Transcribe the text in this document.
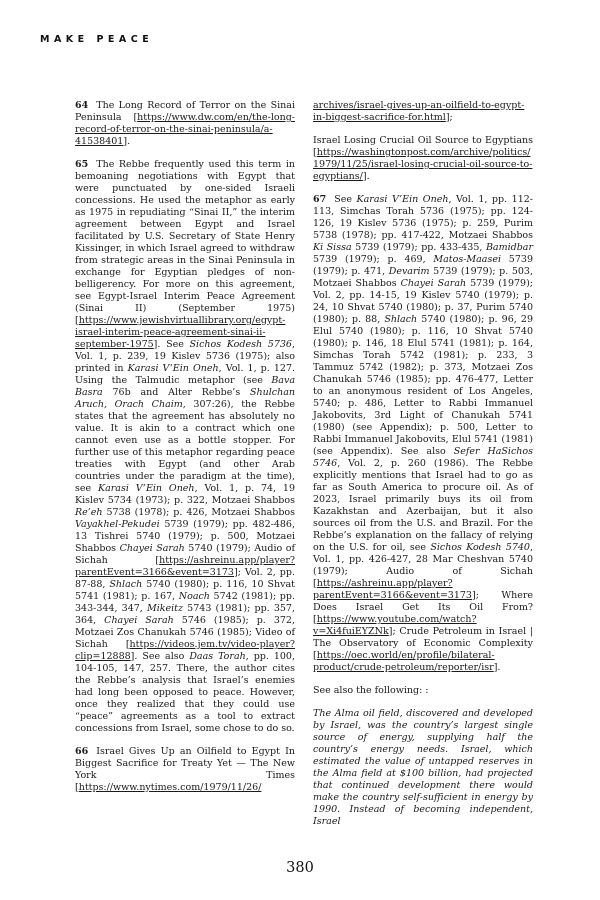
MAKE PEACE

64 The Long Record of Terror on the Sinai Peninsula [https://www.dw.com/en/the-long-record-of-terror-on-the-sinai-peninsula/a-41538401].

65 The Rebbe frequently used this term in bemoaning negotiations with Egypt that were punctuated by one-sided Israeli concessions. He used the metaphor as early as 1975 in repudiating “Sinai II,” the interim agreement between Egypt and Israel facilitated by U.S. Secretary of State Henry Kissinger, in which Israel agreed to withdraw from strategic areas in the Sinai Peninsula in exchange for Egyptian pledges of non-belligerency. For more on this agreement, see Egypt-Israel Interim Peace Agreement (Sinai II) (September 1975) [https://www.jewishvirtuallibrary.org/egypt-israel-interim-peace-agreement-sinai-ii-september-1975]. See Sichos Kodesh 5736, Vol. 1, p. 239, 19 Kislev 5736 (1975); also printed in Karasi V’Ein Oneh, Vol. 1, p. 127. Using the Talmudic metaphor (see Bava Basra 76b and Alter Rebbe’s Shulchan Aruch, Orach Chaim, 307:26), the Rebbe states that the agreement has absolutely no value. It is akin to a contract which one cannot even use as a bottle stopper. For further use of this metaphor regarding peace treaties with Egypt (and other Arab countries under the paradigm at the time), see Karasi V’Ein Oneh, Vol. 1, p. 74, 19 Kislev 5734 (1973); p. 322, Motzaei Shabbos Re’eh 5738 (1978); p. 426, Motzaei Shabbos Vayakhel-Pekudei 5739 (1979); pp. 482-486, 13 Tishrei 5740 (1979); p. 500, Motzaei Shabbos Chayei Sarah 5740 (1979); Audio of Sichah [https://ashreinu.app/player?parentEvent=3166&event=3173]; Vol. 2, pp. 87-88, Shlach 5740 (1980); p. 116, 10 Shvat 5741 (1981); p. 167, Noach 5742 (1981); pp. 343-344, 347, Mikeitz 5743 (1981); pp. 357, 364, Chayei Sarah 5746 (1985); p. 372, Motzaei Zos Chanukah 5746 (1985); Video of Sichah [https://videos.jem.tv/video-player?clip=12888]. See also Daas Torah, pp. 100, 104-105, 147, 257. There, the author cites the Rebbe’s analysis that Israel’s enemies had long been opposed to peace. However, once they realized that they could use “peace” agreements as a tool to extract concessions from Israel, some chose to do so.

66 Israel Gives Up an Oilfield to Egypt In Biggest Sacrifice for Treaty Yet — The New York Times [https://www.nytimes.com/1979/11/26/

archives/israel-gives-up-an-oilfield-to-egypt-in-biggest-sacrifice-for.html];

Israel Losing Crucial Oil Source to Egyptians [https://washingtonpost.com/archive/politics/1979/11/25/israel-losing-crucial-oil-source-to-egyptians/].

67 See Karasi V’Ein Oneh, Vol. 1, pp. 112-113, Simchas Torah 5736 (1975); pp. 124-126, 19 Kislev 5736 (1975); p. 259, Purim 5738 (1978); pp. 417-422, Motzaei Shabbos Ki Sissa 5739 (1979); pp. 433-435, Bamidbar 5739 (1979); p. 469, Matos-Maasei 5739 (1979); p. 471, Devarim 5739 (1979); p. 503, Motzaei Shabbos Chayei Sarah 5739 (1979); Vol. 2, pp. 14-15, 19 Kislev 5740 (1979); p. 24, 10 Shvat 5740 (1980); p. 37, Purim 5740 (1980); p. 88, Shlach 5740 (1980); p. 96, 29 Elul 5740 (1980); p. 116, 10 Shvat 5740 (1980); p. 146, 18 Elul 5741 (1981); p. 164, Simchas Torah 5742 (1981); p. 233, 3 Tammuz 5742 (1982); p. 373, Motzaei Zos Chanukah 5746 (1985); pp. 476-477, Letter to an anonymous resident of Los Angeles, 5740; p. 486, Letter to Rabbi Immanuel Jakobovits, 3rd Light of Chanukah 5741 (1980) (see Appendix); p. 500, Letter to Rabbi Immanuel Jakobovits, Elul 5741 (1981) (see Appendix). See also Sefer HaSichos 5746, Vol. 2, p. 260 (1986). The Rebbe explicitly mentions that Israel had to go as far as South America to procure oil. As of 2023, Israel primarily buys its oil from Kazakhstan and Azerbaijan, but it also sources oil from the U.S. and Brazil. For the Rebbe’s explanation on the fallacy of relying on the U.S. for oil, see Sichos Kodesh 5740, Vol. 1, pp. 426-427, 28 Mar Cheshvan 5740 (1979); Audio of Sichah [https://ashreinu.app/player?parentEvent=3166&event=3173]; Where Does Israel Get Its Oil From? [https://www.youtube.com/watch?v=Xi4fuiEYZNk]; Crude Petroleum in Israel | The Observatory of Economic Complexity [https://oec.world/en/profile/bilateral-product/crude-petroleum/reporter/isr].

See also the following: :

The Alma oil field, discovered and developed by Israel, was the country’s largest single source of energy, supplying half the country’s energy needs. Israel, which estimated the value of untapped reserves in the Alma field at $100 billion, had projected that continued development there would make the country self-sufficient in energy by 1990. Instead of becoming independent, Israel

380
